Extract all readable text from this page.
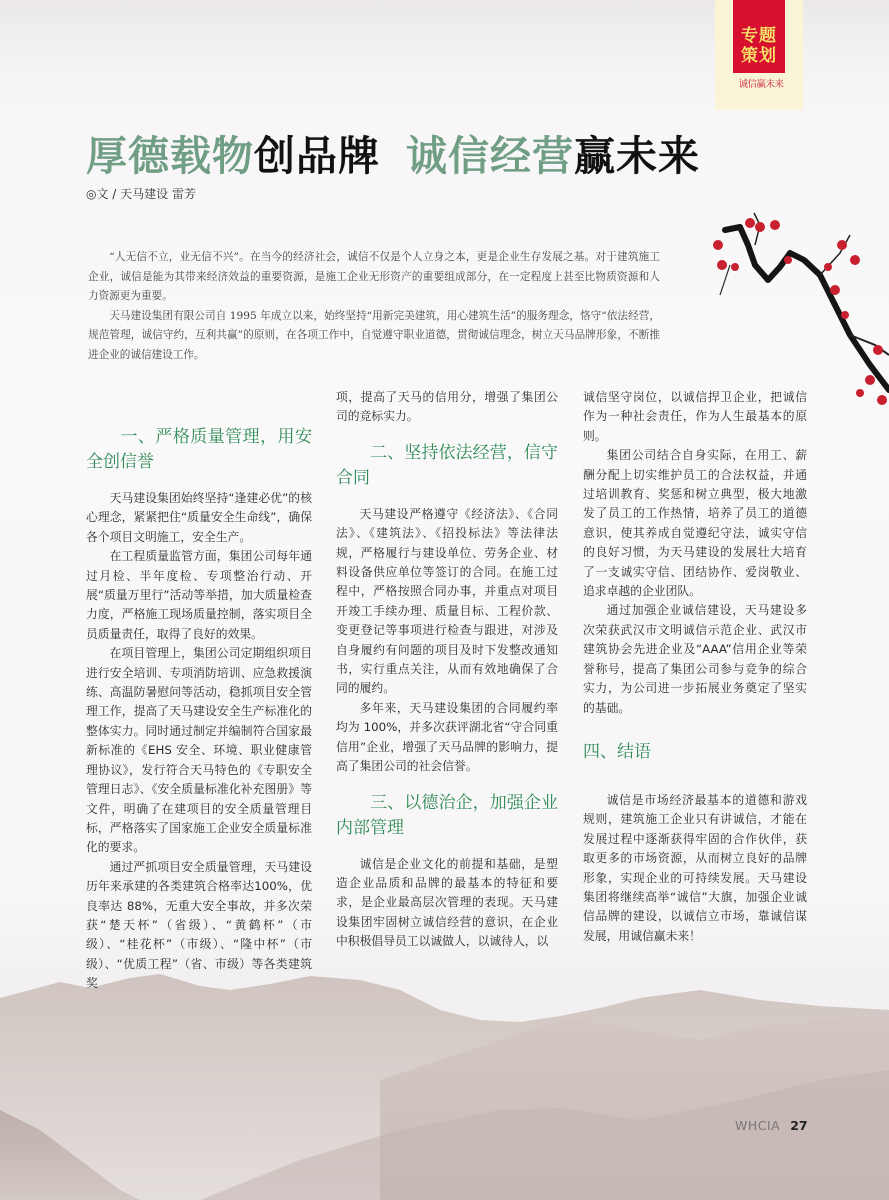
专题
策划
诚信赢未来
厚德载物创品牌 诚信经营赢未来
◎文 / 天马建设 雷芳

“人无信不立，业无信不兴”。在当今的经济社会，诚信不仅是个人立身之本，更是企业生存发展之基。对于建筑施工企业，诚信是能为其带来经济效益的重要资源，是施工企业无形资产的重要组成部分，在一定程度上甚至比物质资源和人力资源更为重要。

天马建设集团有限公司自 1995 年成立以来，始终坚持“用新完美建筑，用心建筑生活”的服务理念，恪守“依法经营，规范管理，诚信守约，互利共赢”的原则，在各项工作中，自觉遵守职业道德，贯彻诚信理念，树立天马品牌形象，不断推进企业的诚信建设工作。

一、严格质量管理，用安全创信誉

天马建设集团始终坚持“逢建必优”的核心理念，紧紧把住“质量安全生命线”，确保各个项目文明施工，安全生产。

在工程质量监管方面，集团公司每年通过月检、半年度检、专项整治行动、开展“质量万里行”活动等举措，加大质量检查力度，严格施工现场质量控制，落实项目全员质量责任，取得了良好的效果。

在项目管理上，集团公司定期组织项目进行安全培训、专项消防培训、应急救援演练、高温防暑慰问等活动，稳抓项目安全管理工作，提高了天马建设安全生产标准化的整体实力。同时通过制定并编制符合国家最新标准的《EHS 安全、环境、职业健康管理协议》，发行符合天马特色的《专职安全管理日志》、《安全质量标准化补充图册》等文件，明确了在建项目的安全质量管理目标，严格落实了国家施工企业安全质量标准化的要求。

通过严抓项目安全质量管理，天马建设历年来承建的各类建筑合格率达100%，优良率达 88%，无重大安全事故，并多次荣获“楚天杯”（省级）、“黄鹤杯”（市级）、“桂花杯”（市级）、“隆中杯”（市级）、“优质工程”（省、市级）等各类建筑奖

项，提高了天马的信用分，增强了集团公司的竞标实力。

二、坚持依法经营，信守合同

天马建设严格遵守《经济法》、《合同法》、《建筑法》、《招投标法》等法律法规，严格履行与建设单位、劳务企业、材料设备供应单位等签订的合同。在施工过程中，严格按照合同办事，并重点对项目开竣工手续办理、质量目标、工程价款、变更登记等事项进行检查与跟进，对涉及自身履约有问题的项目及时下发整改通知书，实行重点关注，从而有效地确保了合同的履约。

多年来，天马建设集团的合同履约率均为 100%，并多次获评湖北省“守合同重信用”企业，增强了天马品牌的影响力，提高了集团公司的社会信誉。

三、以德治企，加强企业内部管理

诚信是企业文化的前提和基础，是塑造企业品质和品牌的最基本的特征和要求，是企业最高层次管理的表现。天马建设集团牢固树立诚信经营的意识，在企业中积极倡导员工以诚做人，以诚待人，以

诚信坚守岗位，以诚信捍卫企业，把诚信作为一种社会责任，作为人生最基本的原则。

集团公司结合自身实际，在用工、薪酬分配上切实维护员工的合法权益，并通过培训教育、奖惩和树立典型，极大地激发了员工的工作热情，培养了员工的道德意识，使其养成自觉遵纪守法，诚实守信的良好习惯，为天马建设的发展壮大培育了一支诚实守信、团结协作、爱岗敬业、追求卓越的企业团队。

通过加强企业诚信建设，天马建设多次荣获武汉市文明诚信示范企业、武汉市建筑协会先进企业及“AAA”信用企业等荣誉称号，提高了集团公司参与竞争的综合实力，为公司进一步拓展业务奠定了坚实的基础。

四、结语

诚信是市场经济最基本的道德和游戏规则，建筑施工企业只有讲诚信，才能在发展过程中逐渐获得牢固的合作伙伴，获取更多的市场资源，从而树立良好的品牌形象，实现企业的可持续发展。天马建设集团将继续高举“诚信”大旗，加强企业诚信品牌的建设，以诚信立市场，靠诚信谋发展，用诚信赢未来！

WHCIA 27
